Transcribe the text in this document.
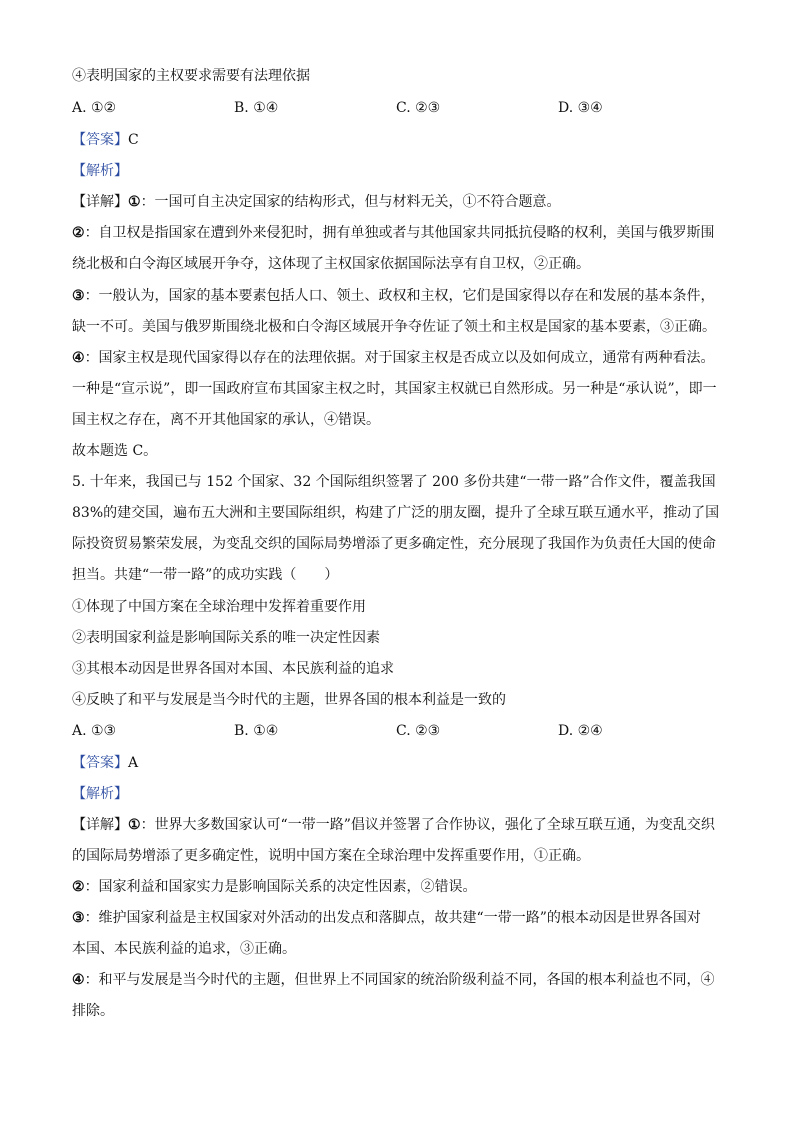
④表明国家的主权要求需要有法理依据
A. ①②	B. ①④	C. ②③	D. ③④
【答案】C
【解析】
【详解】①：一国可自主决定国家的结构形式，但与材料无关，①不符合题意。
②：自卫权是指国家在遭到外来侵犯时，拥有单独或者与其他国家共同抵抗侵略的权利，美国与俄罗斯围
绕北极和白令海区域展开争夺，这体现了主权国家依据国际法享有自卫权，②正确。
③：一般认为，国家的基本要素包括人口、领土、政权和主权，它们是国家得以存在和发展的基本条件，
缺一不可。美国与俄罗斯围绕北极和白令海区域展开争夺佐证了领土和主权是国家的基本要素，③正确。
④：国家主权是现代国家得以存在的法理依据。对于国家主权是否成立以及如何成立，通常有两种看法。
一种是“宣示说”，即一国政府宣布其国家主权之时，其国家主权就已自然形成。另一种是“承认说”，即一
国主权之存在，离不开其他国家的承认，④错误。
故本题选 C。
5. 十年来，我国已与 152 个国家、32 个国际组织签署了 200 多份共建“一带一路”合作文件，覆盖我国
83%的建交国，遍布五大洲和主要国际组织，构建了广泛的朋友圈，提升了全球互联互通水平，推动了国
际投资贸易繁荣发展，为变乱交织的国际局势增添了更多确定性，充分展现了我国作为负责任大国的使命
担当。共建“一带一路”的成功实践（　　）
①体现了中国方案在全球治理中发挥着重要作用
②表明国家利益是影响国际关系的唯一决定性因素
③其根本动因是世界各国对本国、本民族利益的追求
④反映了和平与发展是当今时代的主题，世界各国的根本利益是一致的
A. ①③	B. ①④	C. ②③	D. ②④
【答案】A
【解析】
【详解】①：世界大多数国家认可“一带一路”倡议并签署了合作协议，强化了全球互联互通，为变乱交织
的国际局势增添了更多确定性，说明中国方案在全球治理中发挥重要作用，①正确。
②：国家利益和国家实力是影响国际关系的决定性因素，②错误。
③：维护国家利益是主权国家对外活动的出发点和落脚点，故共建“一带一路”的根本动因是世界各国对
本国、本民族利益的追求，③正确。
④：和平与发展是当今时代的主题，但世界上不同国家的统治阶级利益不同，各国的根本利益也不同，④
排除。
